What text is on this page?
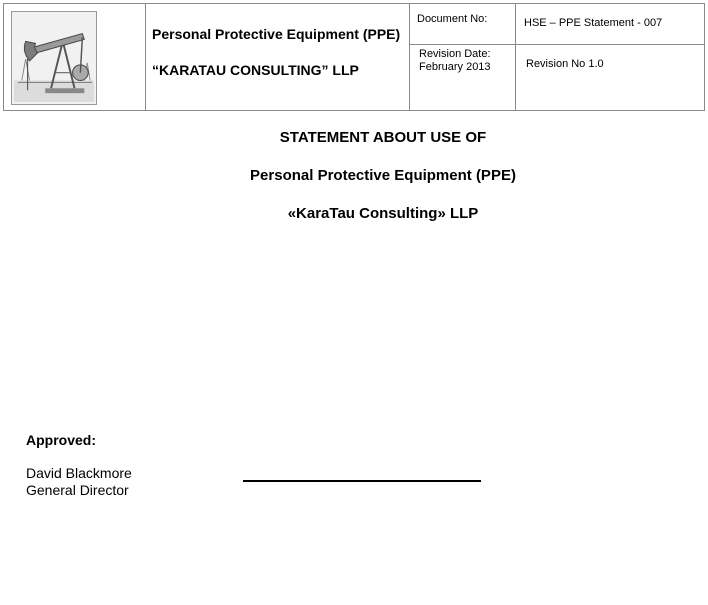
Personal Protective Equipment (PPE)
“KARATAU CONSULTING” LLP
Document No:	HSE – PPE Statement - 007
Revision Date:
February 2013	Revision No 1.0
STATEMENT ABOUT USE OF
Personal Protective Equipment (PPE)
«KaraTau Consulting» LLP
Approved:
David Blackmore
General Director
